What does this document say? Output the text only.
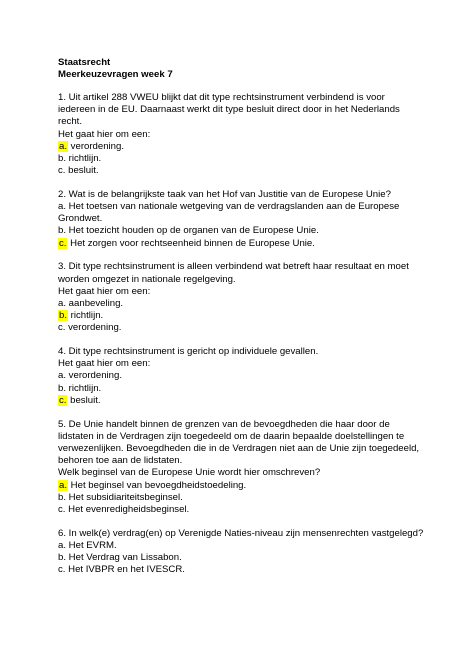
Staatsrecht

Meerkeuzevragen week 7

1. Uit artikel 288 VWEU blijkt dat dit type rechtsinstrument verbindend is voor iedereen in de EU. Daarnaast werkt dit type besluit direct door in het Nederlands recht.

Het gaat hier om een:

a. verordening.

b. richtlijn.

c. besluit.

2. Wat is de belangrijkste taak van het Hof van Justitie van de Europese Unie?

a. Het toetsen van nationale wetgeving van de verdragslanden aan de Europese Grondwet.

b. Het toezicht houden op de organen van de Europese Unie.

c. Het zorgen voor rechtseenheid binnen de Europese Unie.

3. Dit type rechtsinstrument is alleen verbindend wat betreft haar resultaat en moet worden omgezet in nationale regelgeving.

Het gaat hier om een:

a. aanbeveling.

b. richtlijn.

c. verordening.

4. Dit type rechtsinstrument is gericht op individuele gevallen.

Het gaat hier om een:

a. verordening.

b. richtlijn.

c. besluit.

5. De Unie handelt binnen de grenzen van de bevoegdheden die haar door de lidstaten in de Verdragen zijn toegedeeld om de daarin bepaalde doelstellingen te verwezenlijken. Bevoegdheden die in de Verdragen niet aan de Unie zijn toegedeeld, behoren toe aan de lidstaten.

Welk beginsel van de Europese Unie wordt hier omschreven?

a. Het beginsel van bevoegdheidstoedeling.

b. Het subsidiariteitsbeginsel.

c. Het evenredigheidsbeginsel.

6. In welk(e) verdrag(en) op Verenigde Naties-niveau zijn mensenrechten vastgelegd?

a. Het EVRM.

b. Het Verdrag van Lissabon.

c. Het IVBPR en het IVESCR.
